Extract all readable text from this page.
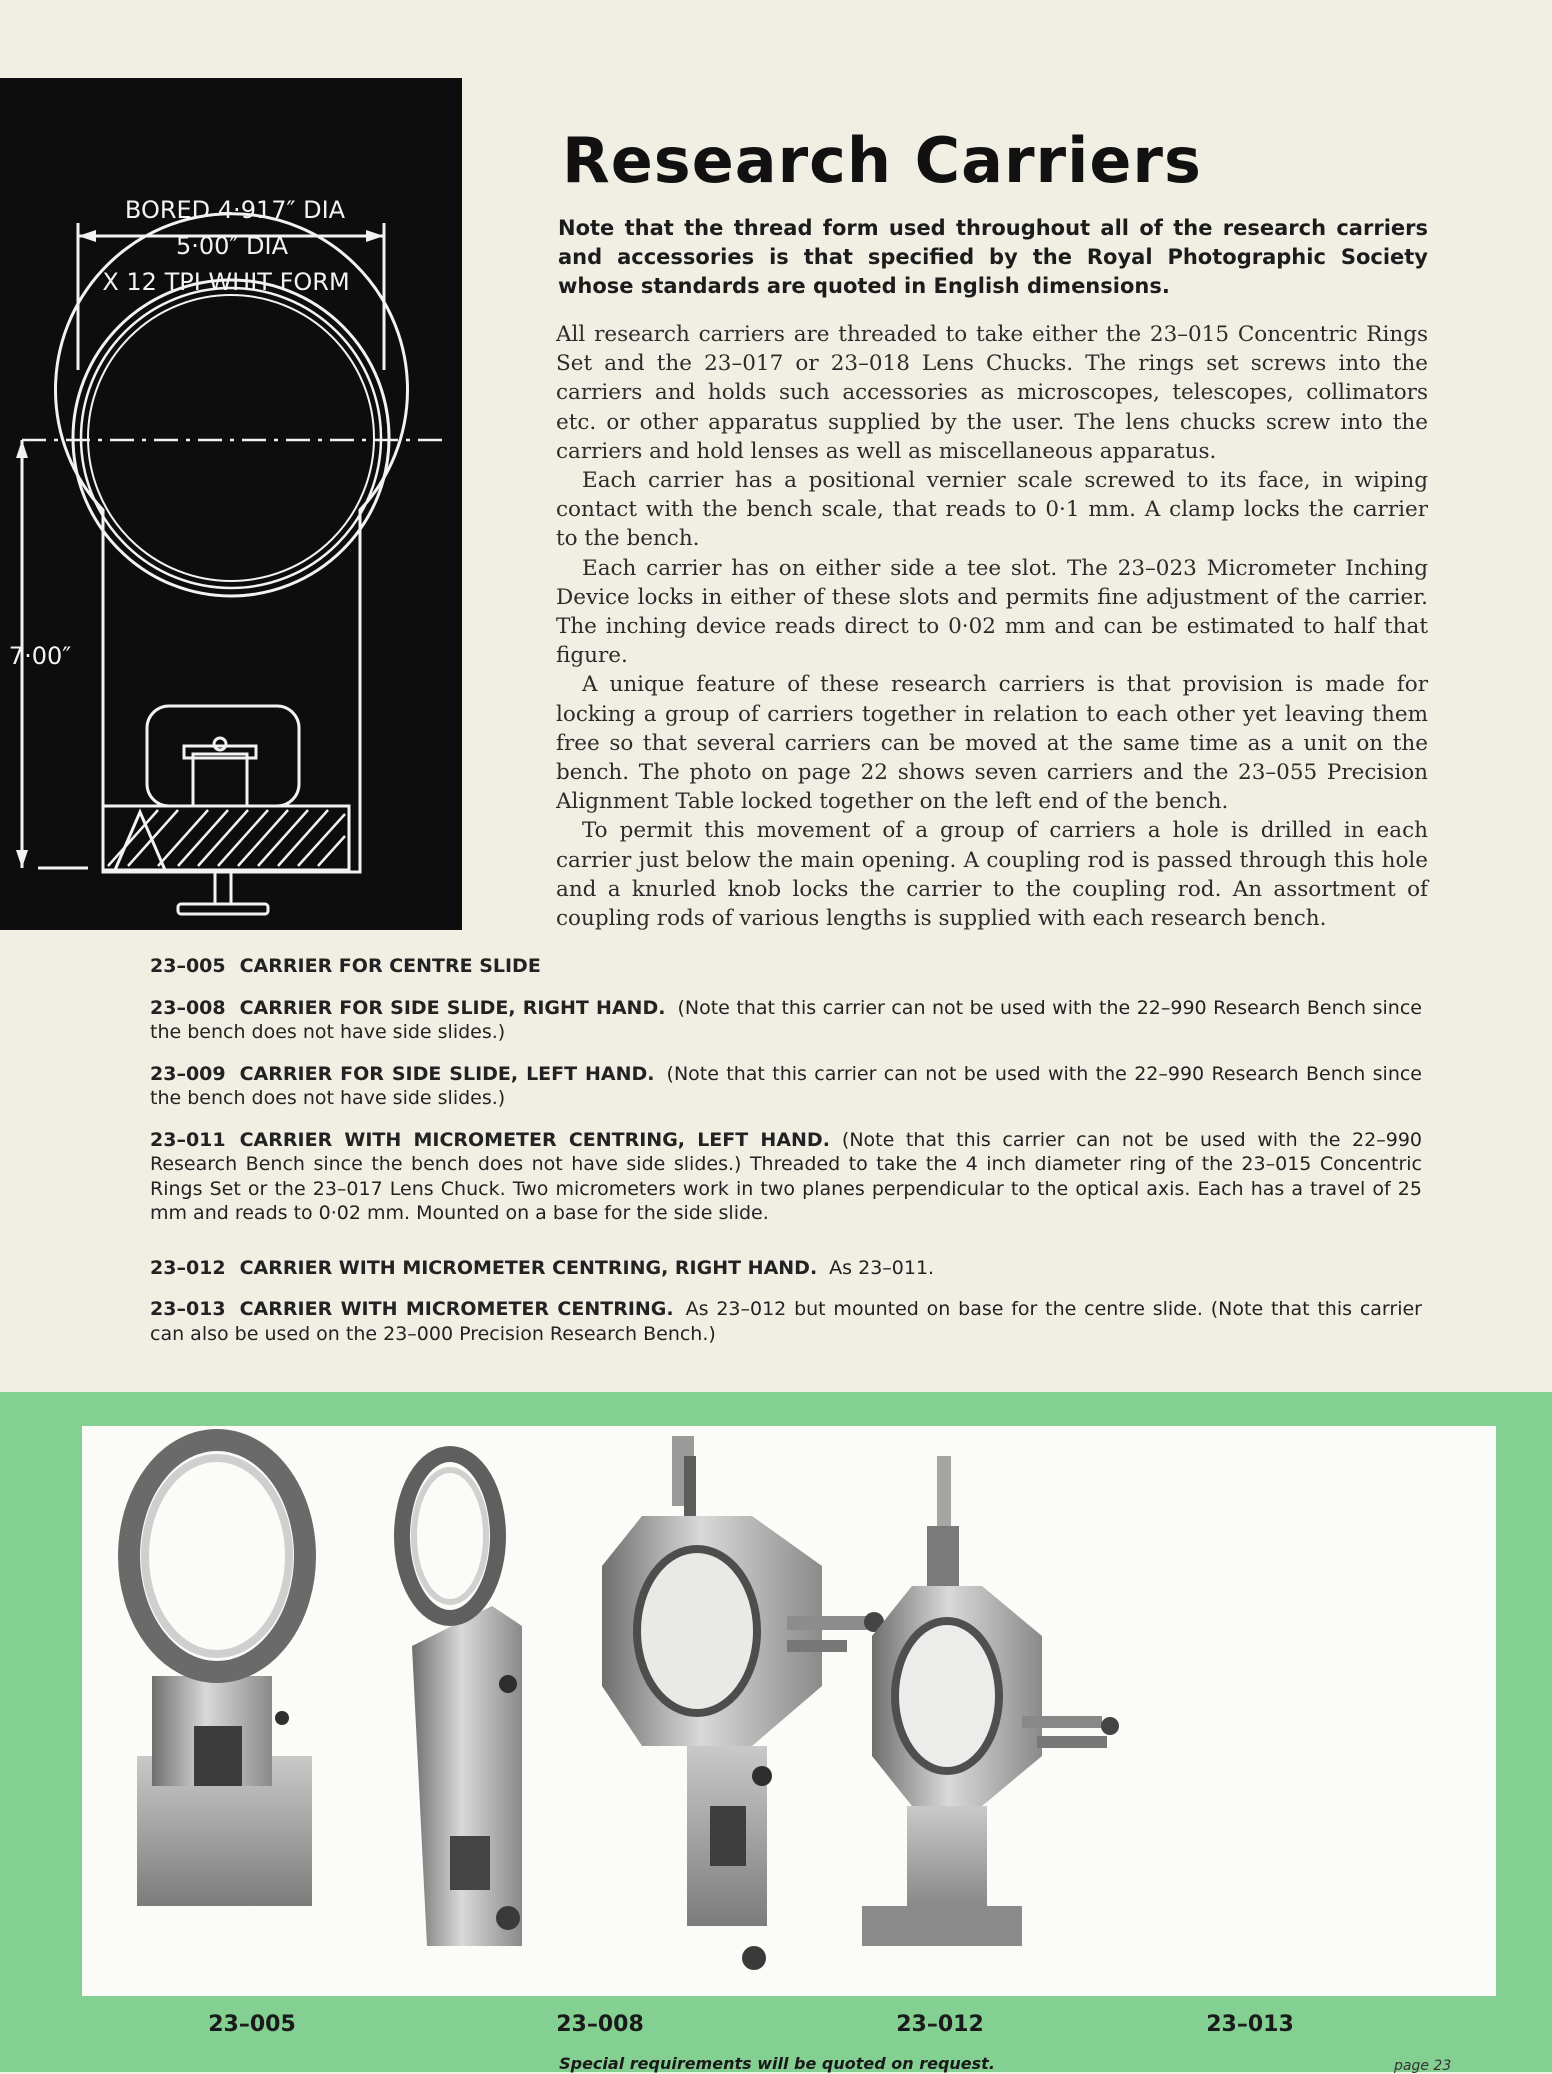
BORED 4·917″ DIA
5·00″ DIA
X 12 TPI WHIT FORM
7·00″
Research Carriers

Note that the thread form used throughout all of the research carriers and accessories is that specified by the Royal Photographic Society whose standards are quoted in English dimensions.

All research carriers are threaded to take either the 23–015 Concentric Rings Set and the 23–017 or 23–018 Lens Chucks. The rings set screws into the carriers and holds such accessories as microscopes, telescopes, collimators etc. or other apparatus supplied by the user. The lens chucks screw into the carriers and hold lenses as well as miscellaneous apparatus.

Each carrier has a positional vernier scale screwed to its face, in wiping contact with the bench scale, that reads to 0·1 mm. A clamp locks the carrier to the bench.

Each carrier has on either side a tee slot. The 23–023 Micrometer Inching Device locks in either of these slots and permits fine adjustment of the carrier. The inching device reads direct to 0·02 mm and can be estimated to half that figure.

A unique feature of these research carriers is that provision is made for locking a group of carriers together in relation to each other yet leaving them free so that several carriers can be moved at the same time as a unit on the bench. The photo on page 22 shows seven carriers and the 23–055 Precision Alignment Table locked together on the left end of the bench.

To permit this movement of a group of carriers a hole is drilled in each carrier just below the main opening. A coupling rod is passed through this hole and a knurled knob locks the carrier to the coupling rod. An assortment of coupling rods of various lengths is supplied with each research bench.

23–005 CARRIER FOR CENTRE SLIDE

23–008 CARRIER FOR SIDE SLIDE, RIGHT HAND. (Note that this carrier can not be used with the 22–990 Research Bench since the bench does not have side slides.)

23–009 CARRIER FOR SIDE SLIDE, LEFT HAND. (Note that this carrier can not be used with the 22–990 Research Bench since the bench does not have side slides.)

23–011 CARRIER WITH MICROMETER CENTRING, LEFT HAND. (Note that this carrier can not be used with the 22–990 Research Bench since the bench does not have side slides.) Threaded to take the 4 inch diameter ring of the 23–015 Concentric Rings Set or the 23–017 Lens Chuck. Two micrometers work in two planes perpendicular to the optical axis. Each has a travel of 25 mm and reads to 0·02 mm. Mounted on a base for the side slide.

23–012 CARRIER WITH MICROMETER CENTRING, RIGHT HAND. As 23–011.

23–013 CARRIER WITH MICROMETER CENTRING. As 23–012 but mounted on base for the centre slide. (Note that this carrier can also be used on the 23–000 Precision Research Bench.)

23–005	23–008	23–012	23–013
Special requirements will be quoted on request.	page 23
